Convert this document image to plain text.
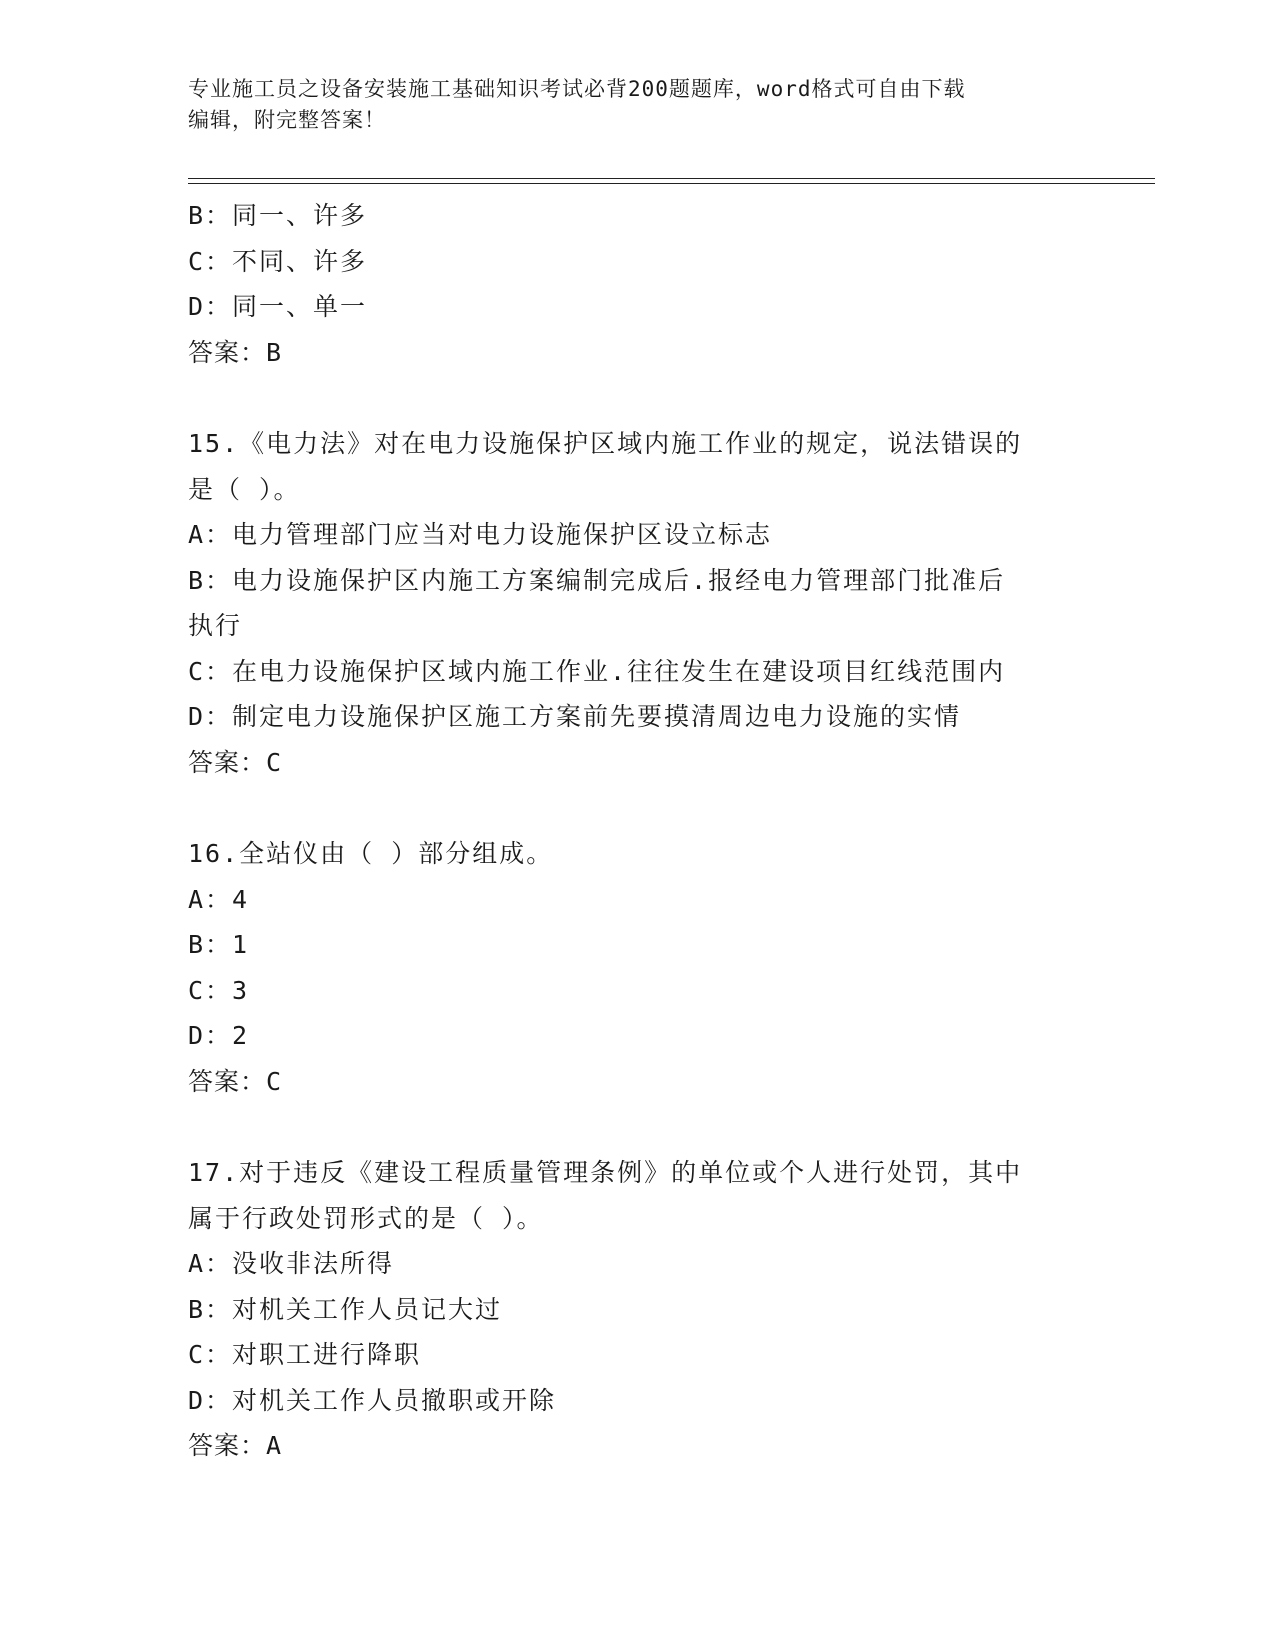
专业施工员之设备安装施工基础知识考试必背200题题库，word格式可自由下载
编辑，附完整答案！
B：同一、许多
C：不同、许多
D：同一、单一
答案：B
15.《电力法》对在电力设施保护区域内施工作业的规定，说法错误的
是（ ）。
A：电力管理部门应当对电力设施保护区设立标志
B：电力设施保护区内施工方案编制完成后.报经电力管理部门批准后
执行
C：在电力设施保护区域内施工作业.往往发生在建设项目红线范围内
D：制定电力设施保护区施工方案前先要摸清周边电力设施的实情
答案：C
16.全站仪由（ ）部分组成。
A：4
B：1
C：3
D：2
答案：C
17.对于违反《建设工程质量管理条例》的单位或个人进行处罚，其中
属于行政处罚形式的是（ ）。
A：没收非法所得
B：对机关工作人员记大过
C：对职工进行降职
D：对机关工作人员撤职或开除
答案：A
